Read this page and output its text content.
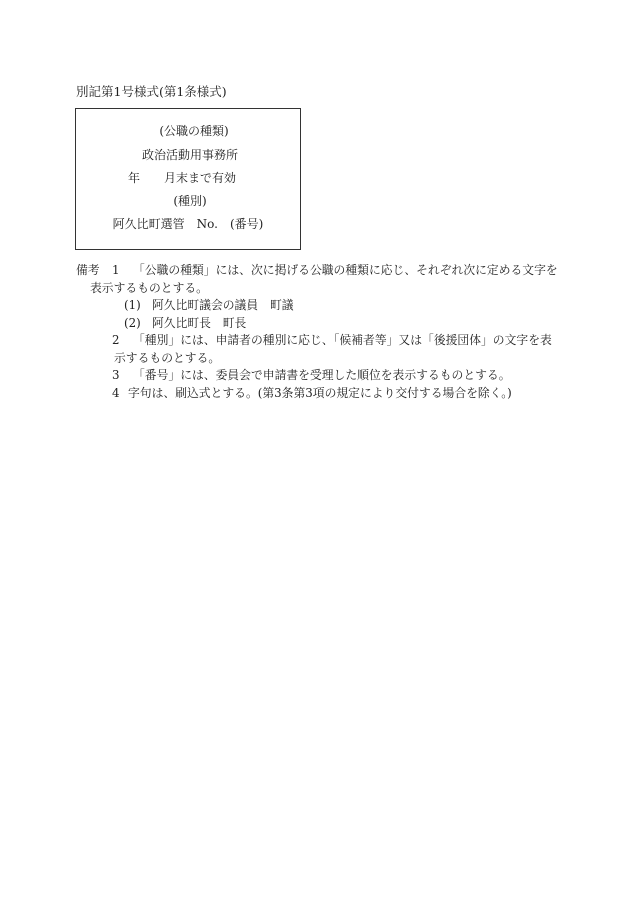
別記第1号様式(第1条様式)
(公職の種類)
政治活動用事務所
年　　月末まで有効
(種別)
阿久比町選管　No.　(番号)
備考 1 「公職の種類」には、次に掲げる公職の種類に応じ、それぞれ次に定める文字を
表示するものとする。
(1) 阿久比町議会の議員　町議
(2) 阿久比町長　町長
2 「種別」には、申請者の種別に応じ、「候補者等」又は「後援団体」の文字を表
示するものとする。
3 「番号」には、委員会で申請書を受理した順位を表示するものとする。
4 字句は、刷込式とする。(第3条第3項の規定により交付する場合を除く。)
